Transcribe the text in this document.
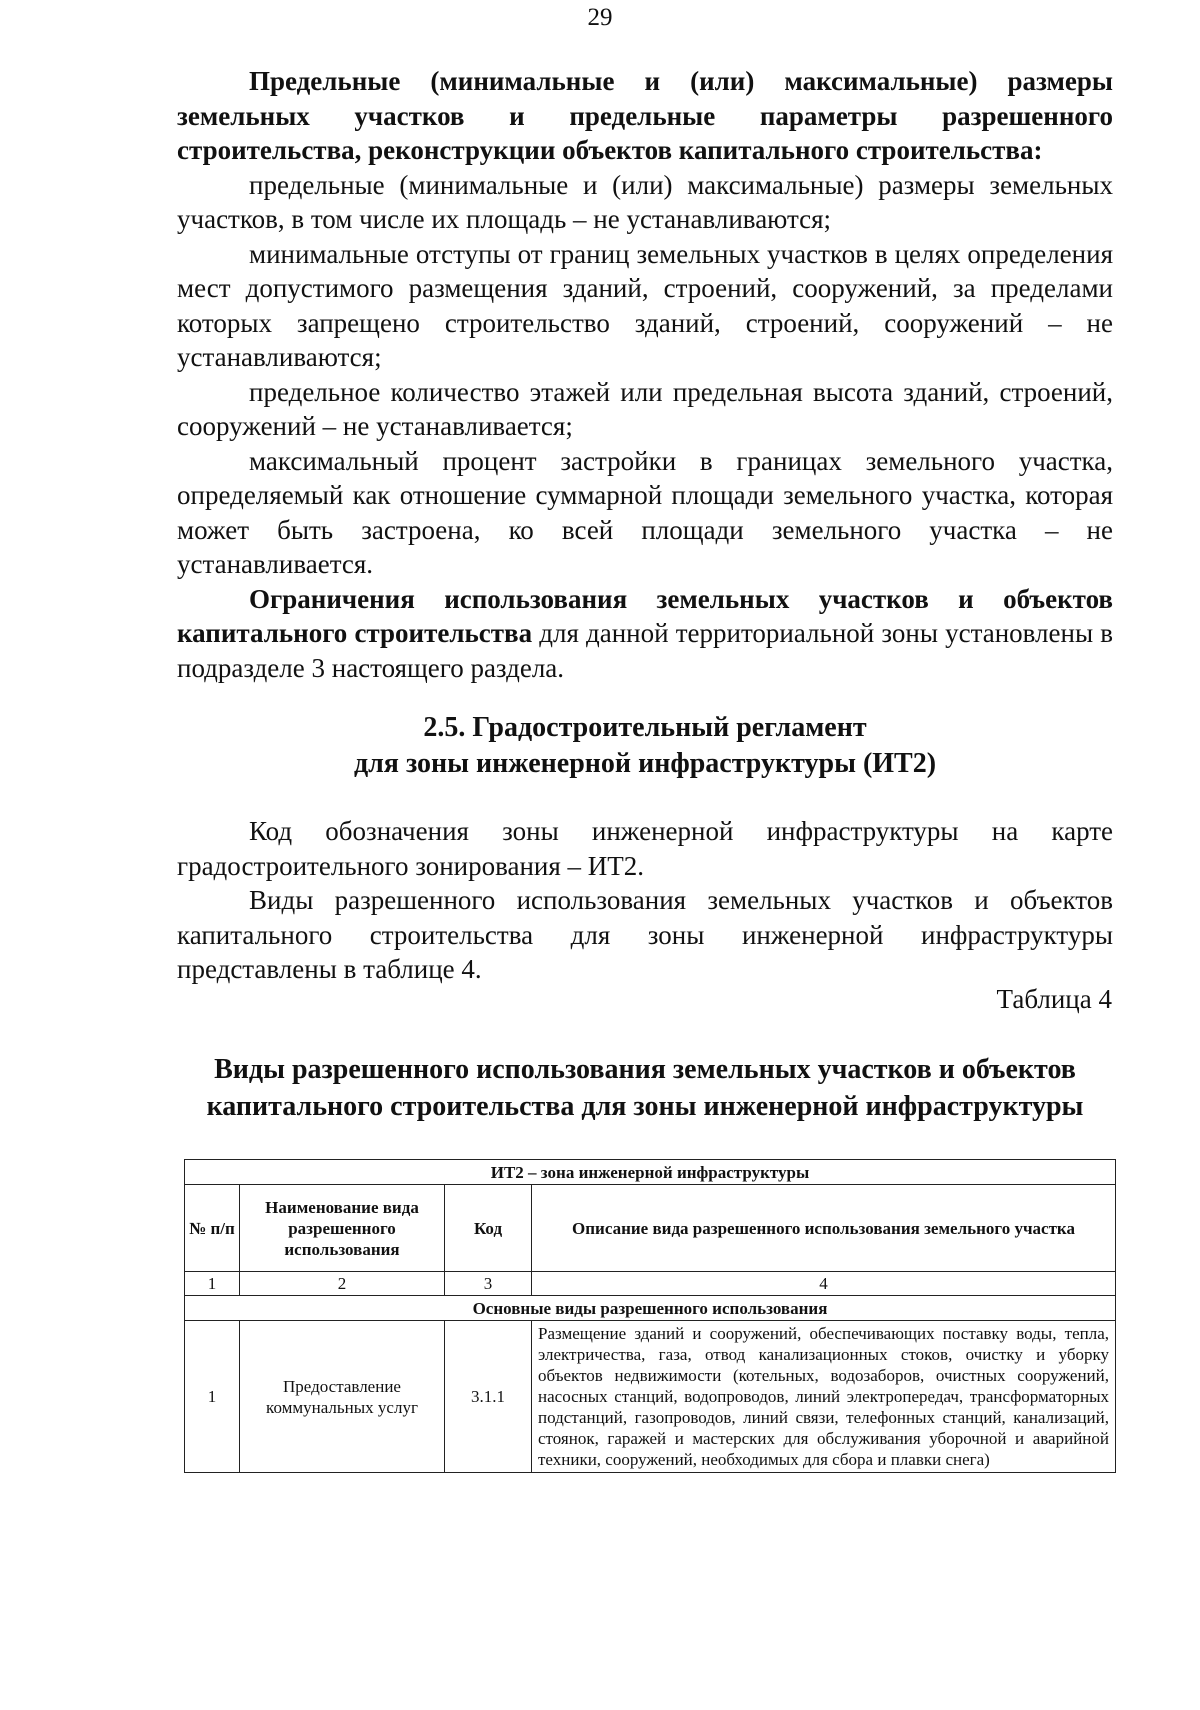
29

Предельные (минимальные и (или) максимальные) размеры земельных участков и предельные параметры разрешенного строительства, реконструкции объектов капитального строительства:

предельные (минимальные и (или) максимальные) размеры земельных участков, в том числе их площадь – не устанавливаются;

минимальные отступы от границ земельных участков в целях определения мест допустимого размещения зданий, строений, сооружений, за пределами которых запрещено строительство зданий, строений, сооружений – не устанавливаются;

предельное количество этажей или предельная высота зданий, строений, сооружений – не устанавливается;

максимальный процент застройки в границах земельного участка, определяемый как отношение суммарной площади земельного участка, которая может быть застроена, ко всей площади земельного участка – не устанавливается.

Ограничения использования земельных участков и объектов капитального строительства для данной территориальной зоны установлены в подразделе 3 настоящего раздела.

2.5. Градостроительный регламент
для зоны инженерной инфраструктуры (ИТ2)

Код обозначения зоны инженерной инфраструктуры на карте градостроительного зонирования – ИТ2.

Виды разрешенного использования земельных участков и объектов капитального строительства для зоны инженерной инфраструктуры представлены в таблице 4.

Таблица 4
Виды разрешенного использования земельных участков и объектов
капитального строительства для зоны инженерной инфраструктуры
ИТ2 – зона инженерной инфраструктуры			
№ п/п	Наименование вида разрешенного использования	Код	Описание вида разрешенного использования земельного участка
1	2	3	4
Основные виды разрешенного использования			
1	Предоставление коммунальных услуг	3.1.1	Размещение зданий и сооружений, обеспечивающих поставку воды, тепла, электричества, газа, отвод канализационных стоков, очистку и уборку объектов недвижимости (котельных, водозаборов, очистных сооружений, насосных станций, водопроводов, линий электропередач, трансформаторных подстанций, газопроводов, линий связи, телефонных станций, канализаций, стоянок, гаражей и мастерских для обслуживания уборочной и аварийной техники, сооружений, необходимых для сбора и плавки снега)
